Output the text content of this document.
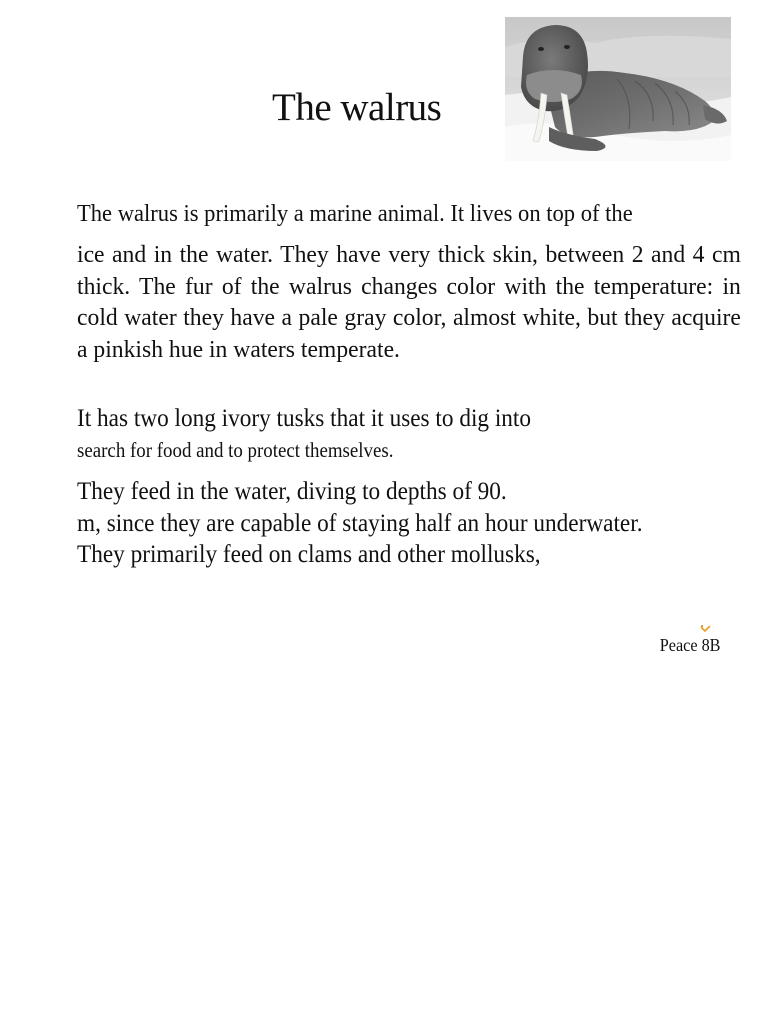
The walrus

The walrus is primarily a marine animal. It lives on top of the

ice and in the water. They have very thick skin, between 2 and 4 cm thick. The fur of the walrus changes color with the temperature: in cold water they have a pale gray color, almost white, but they acquire a pinkish hue in waters temperate.

It has two long ivory tusks that it uses to dig into

search for food and to protect themselves.

They feed in the water, diving to depths of 90.
m, since they are capable of staying half an hour underwater.
They primarily feed on clams and other mollusks,

Peace 8B
